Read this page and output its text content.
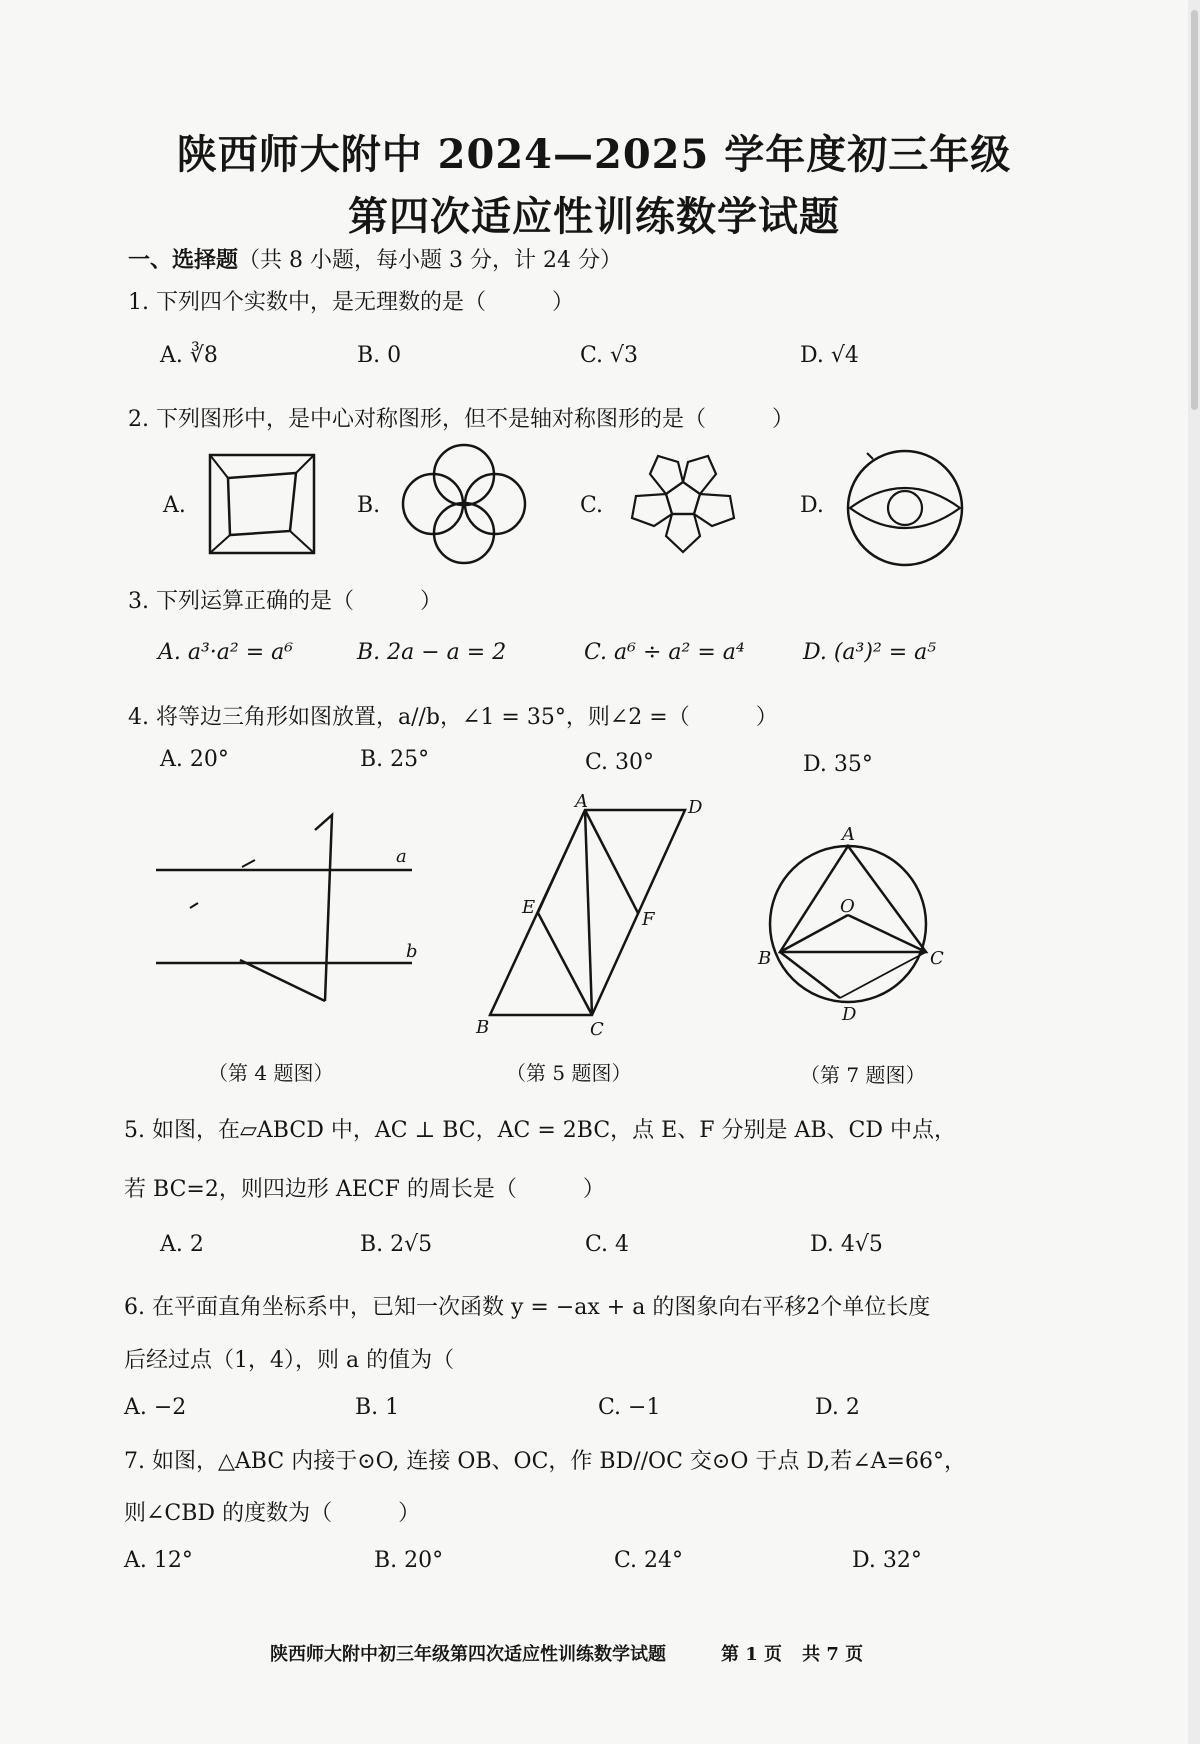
陕西师大附中 2024—2025 学年度初三年级
第四次适应性训练数学试题
一、选择题（共 8 小题，每小题 3 分，计 24 分）
1. 下列四个实数中，是无理数的是（　　　）
A. ∛8	B. 0	C. √3	D. √4
2. 下列图形中，是中心对称图形，但不是轴对称图形的是（　　　）
A.	B.	C.	D.
3. 下列运算正确的是（　　　）
A. a³·a² = a⁶	B. 2a − a = 2	C. a⁶ ÷ a² = a⁴	D. (a³)² = a⁵
4. 将等边三角形如图放置，a//b，∠1 = 35°，则∠2 =（　　　）
A. 20°	B. 25°	C. 30°	D. 35°
a
b
A	D
E
F
B	C
A
O
B	C
D
（第 4 题图）	（第 5 题图）	（第 7 题图）
5. 如图，在▱ABCD 中，AC ⊥ BC，AC = 2BC，点 E、F 分别是 AB、CD 中点，
若 BC=2，则四边形 AECF 的周长是（　　　）
A. 2	B. 2√5	C. 4	D. 4√5
6. 在平面直角坐标系中，已知一次函数 y = −ax + a 的图象向右平移2个单位长度
后经过点（1，4），则 a 的值为（
A. −2	B. 1	C. −1	D. 2
7. 如图，△ABC 内接于⊙O, 连接 OB、OC，作 BD//OC 交⊙O 于点 D,若∠A=66°，
则∠CBD 的度数为（　　　）
A. 12°	B. 20°	C. 24°	D. 32°
陕西师大附中初三年级第四次适应性训练数学试题	第 1 页 共 7 页
